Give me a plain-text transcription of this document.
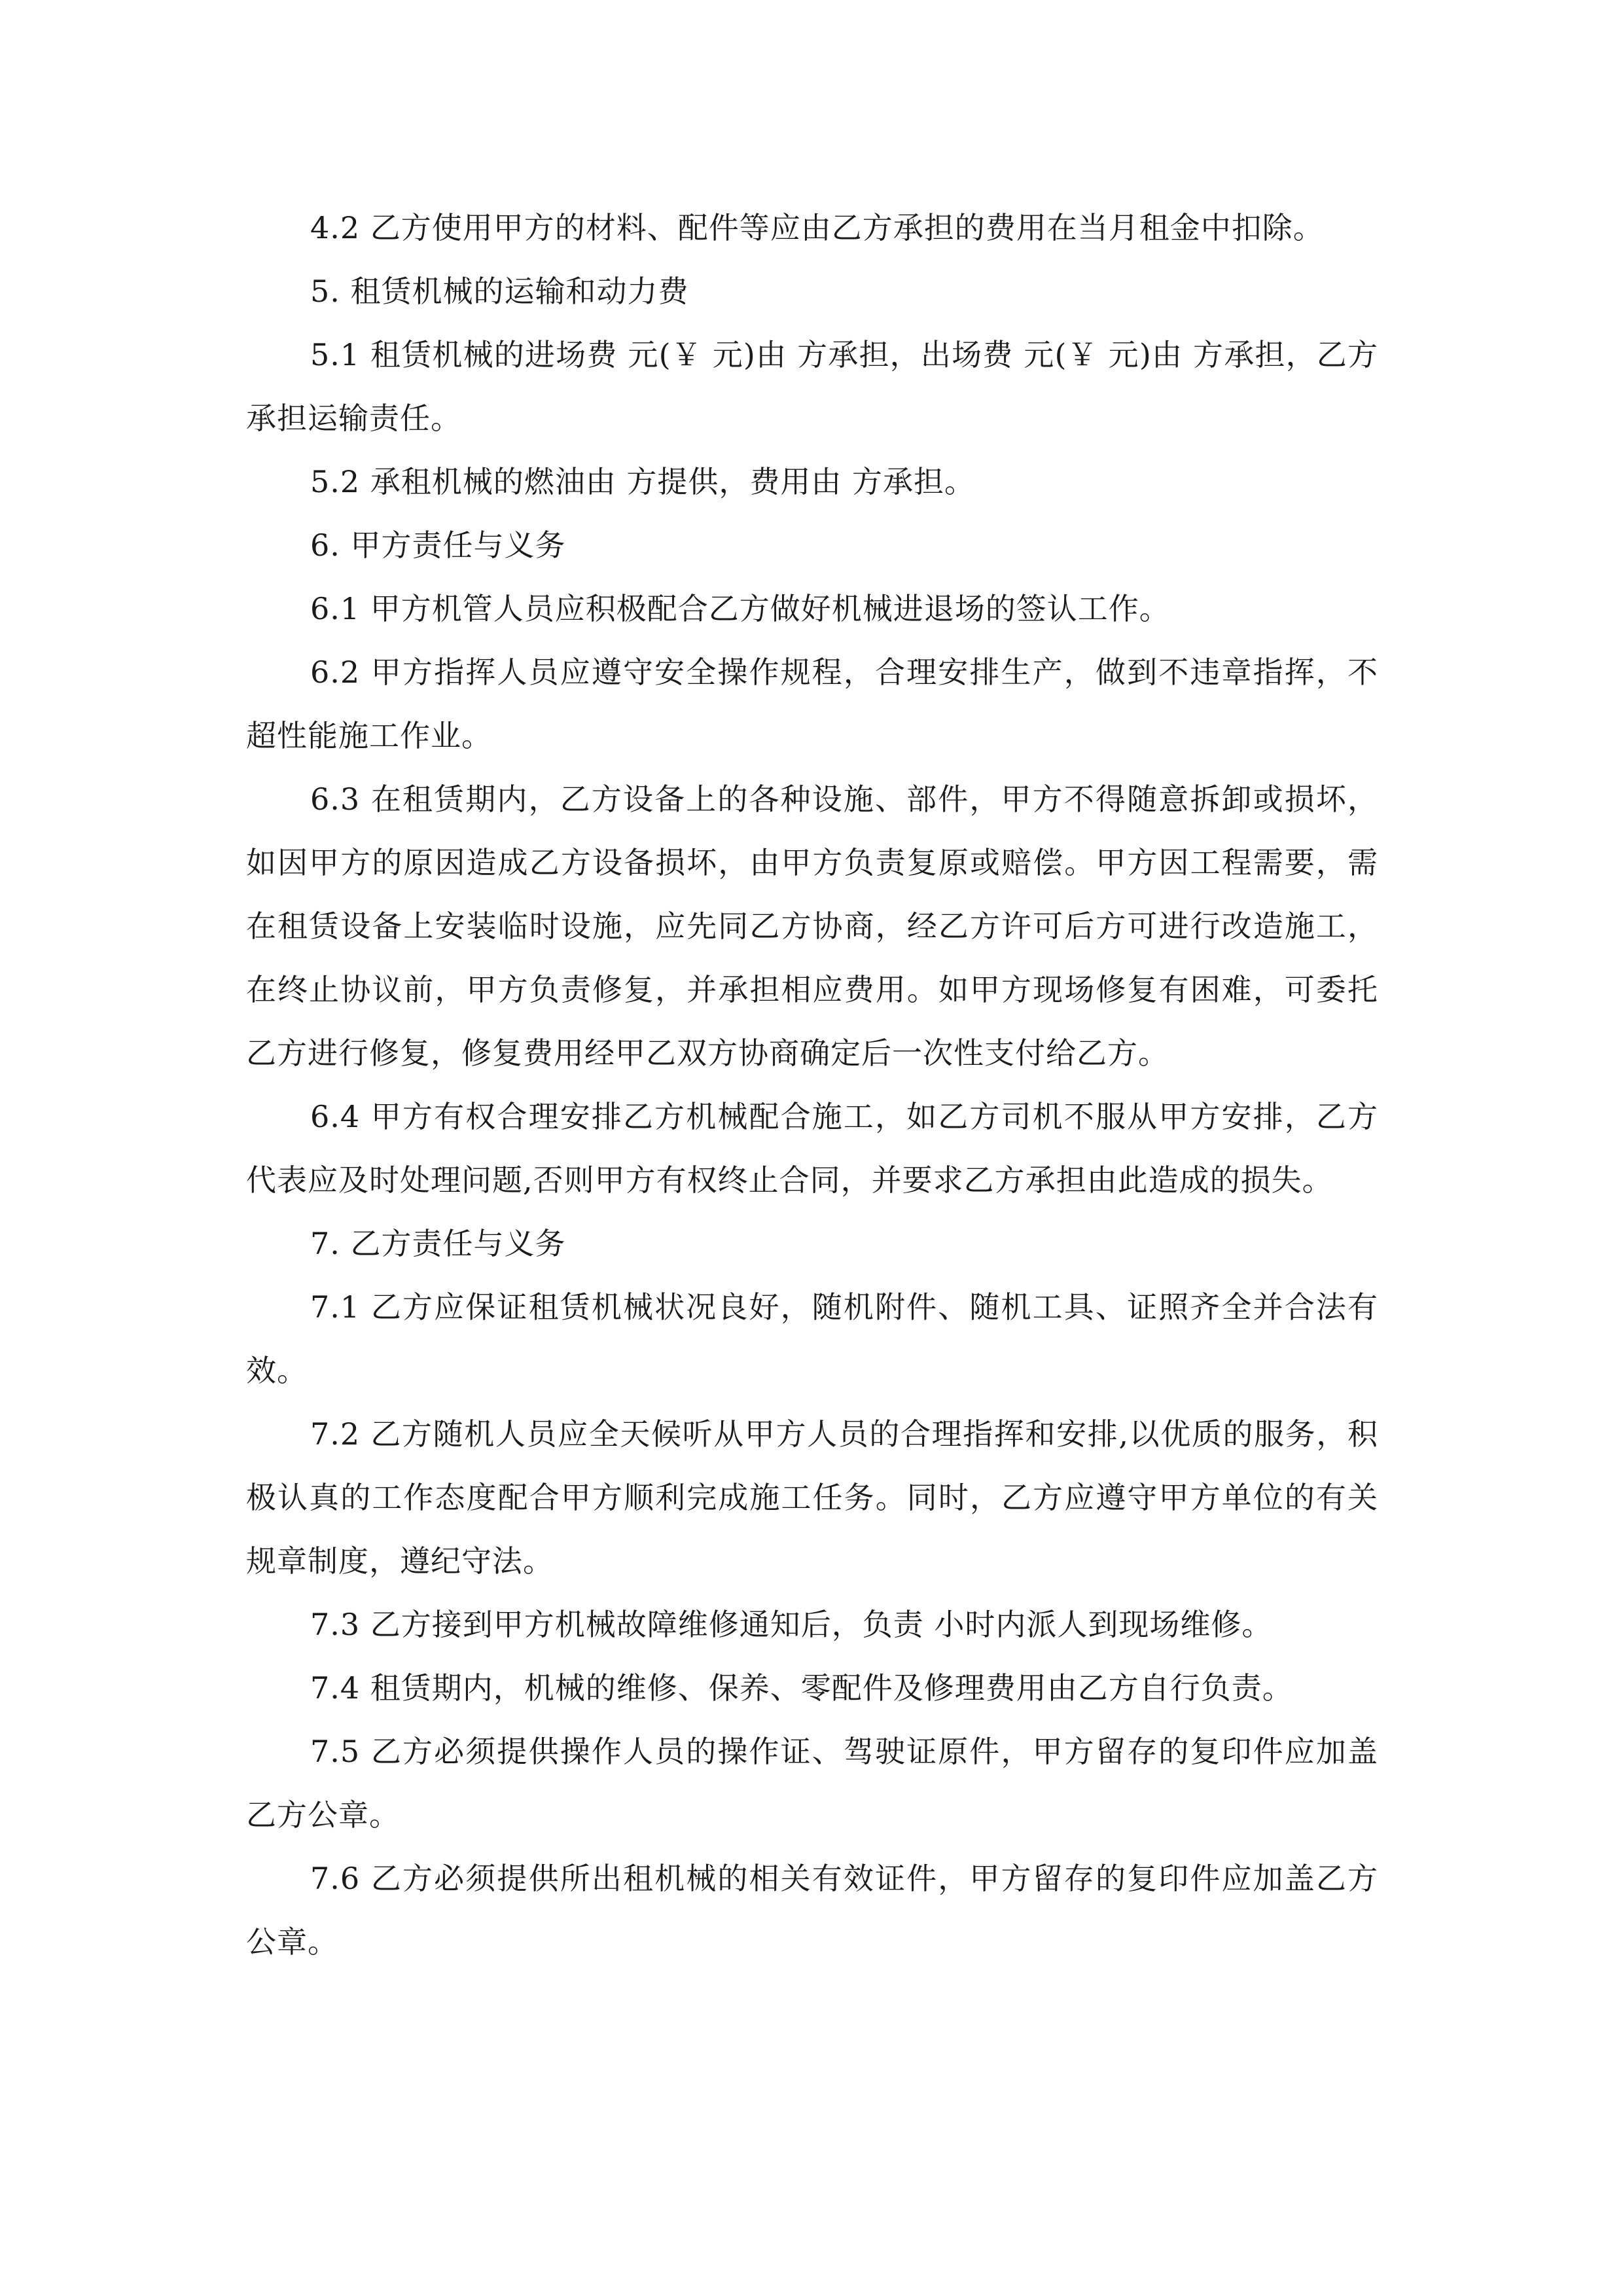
4.2 乙方使用甲方的材料、配件等应由乙方承担的费用在当月租金中扣除。

5. 租赁机械的运输和动力费

5.1 租赁机械的进场费 元(￥ 元)由 方承担，出场费 元(￥ 元)由 方承担，乙方承担运输责任。

5.2 承租机械的燃油由 方提供，费用由 方承担。

6. 甲方责任与义务

6.1 甲方机管人员应积极配合乙方做好机械进退场的签认工作。

6.2 甲方指挥人员应遵守安全操作规程，合理安排生产，做到不违章指挥，不超性能施工作业。

6.3 在租赁期内，乙方设备上的各种设施、部件，甲方不得随意拆卸或损坏，如因甲方的原因造成乙方设备损坏，由甲方负责复原或赔偿。甲方因工程需要，需在租赁设备上安装临时设施，应先同乙方协商，经乙方许可后方可进行改造施工，在终止协议前，甲方负责修复，并承担相应费用。如甲方现场修复有困难，可委托乙方进行修复，修复费用经甲乙双方协商确定后一次性支付给乙方。

6.4 甲方有权合理安排乙方机械配合施工，如乙方司机不服从甲方安排，乙方代表应及时处理问题,否则甲方有权终止合同，并要求乙方承担由此造成的损失。

7. 乙方责任与义务

7.1 乙方应保证租赁机械状况良好，随机附件、随机工具、证照齐全并合法有效。

7.2 乙方随机人员应全天候听从甲方人员的合理指挥和安排,以优质的服务，积极认真的工作态度配合甲方顺利完成施工任务。同时，乙方应遵守甲方单位的有关规章制度，遵纪守法。

7.3 乙方接到甲方机械故障维修通知后，负责 小时内派人到现场维修。

7.4 租赁期内，机械的维修、保养、零配件及修理费用由乙方自行负责。

7.5 乙方必须提供操作人员的操作证、驾驶证原件，甲方留存的复印件应加盖乙方公章。

7.6 乙方必须提供所出租机械的相关有效证件，甲方留存的复印件应加盖乙方公章。
